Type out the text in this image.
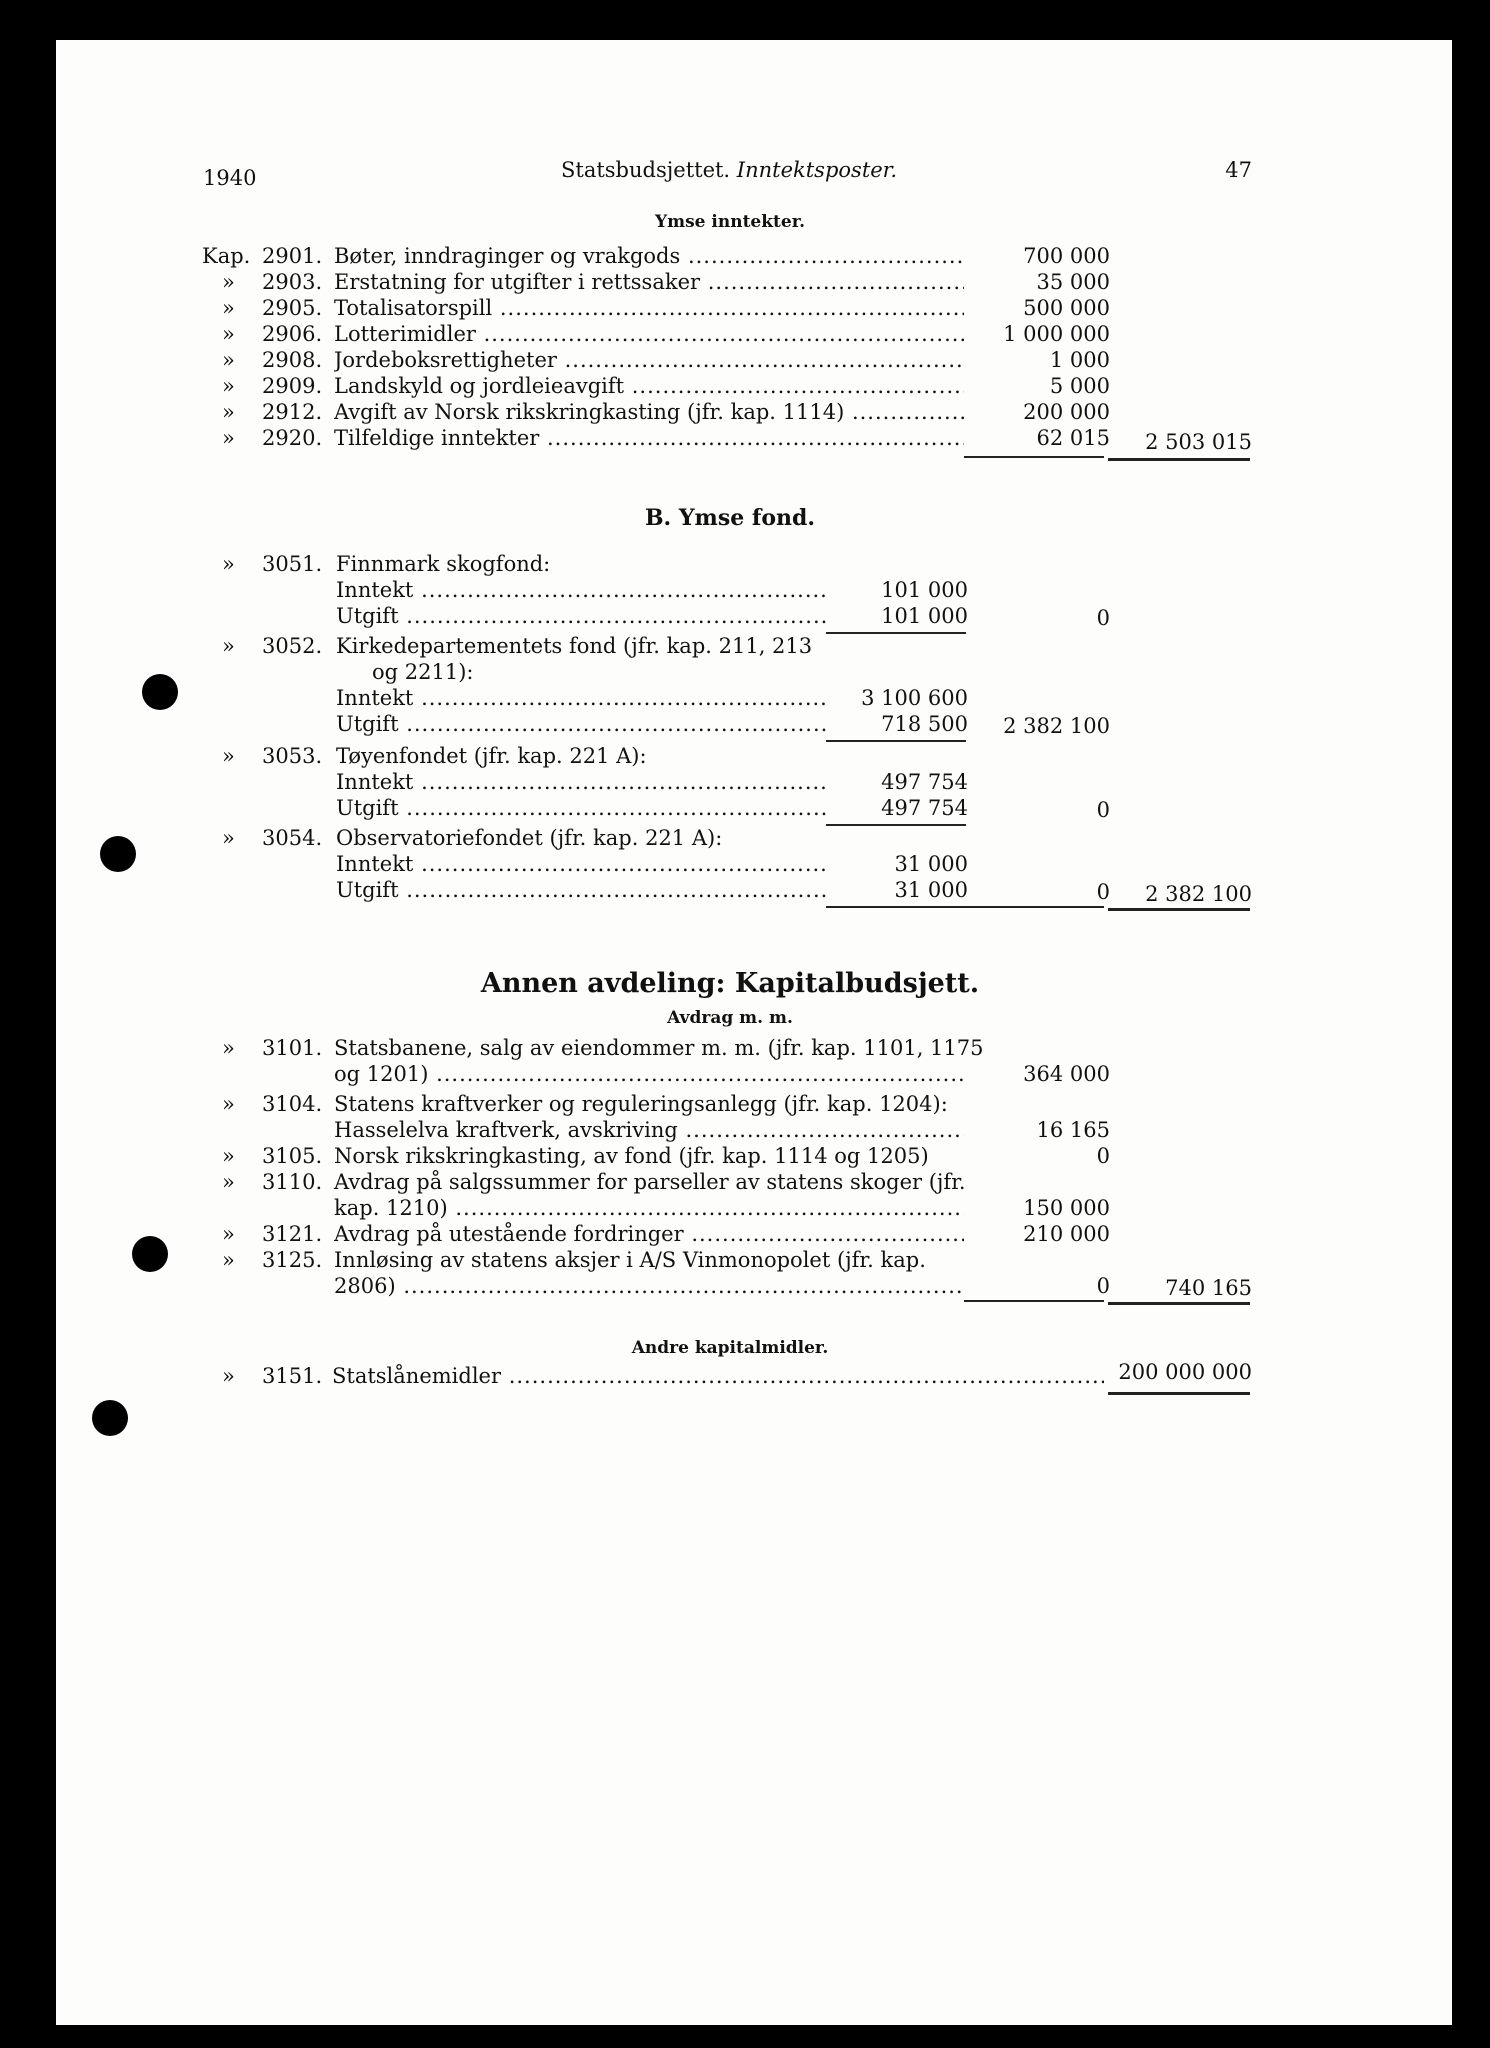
1940	Statsbudsjettet. Inntektsposter.	47
Ymse inntekter.
B. Ymse fond.
Annen avdeling: Kapitalbudsjett.
Avdrag m. m.
Andre kapitalmidler.
Kap. 2901. Bøter, inndraginger og vrakgods .....	700 000
» 2903. Erstatning for utgifter i rettssaker .....	35 000
» 2905. Totalisatorspill .....	500 000
» 2906. Lotterimidler .....	1 000 000
» 2908. Jordeboksrettigheter .....	1 000
» 2909. Landskyld og jordleieavgift .....	5 000
» 2912. Avgift av Norsk rikskringkasting (jfr. kap. 1114) .....	200 000
» 2920. Tilfeldige inntekter .....	62 015	2 503 015
» 3051. Finnmark skogfond:
Inntekt .....	101 000
Utgift .....	101 000	0
» 3052. Kirkedepartementets fond (jfr. kap. 211, 213
og 2211):
Inntekt .....	3 100 600
Utgift .....	718 500	2 382 100
» 3053. Tøyenfondet (jfr. kap. 221 A):
Inntekt .....	497 754
Utgift .....	497 754	0
» 3054. Observatoriefondet (jfr. kap. 221 A):
Inntekt .....	31 000
Utgift .....	31 000	0	2 382 100
» 3101. Statsbanene, salg av eiendommer m. m. (jfr. kap. 1101, 1175
og 1201) .....	364 000
» 3104. Statens kraftverker og reguleringsanlegg (jfr. kap. 1204):
Hasselelva kraftverk, avskriving .....	16 165
» 3105. Norsk rikskringkasting, av fond (jfr. kap. 1114 og 1205)	0
» 3110. Avdrag på salgssummer for parseller av statens skoger (jfr.
kap. 1210) .....	150 000
» 3121. Avdrag på utestående fordringer .....	210 000
» 3125. Innløsing av statens aksjer i A/S Vinmonopolet (jfr. kap.
2806) .....	0	740 165
» 3151. Statslånemidler .....	200 000 000
